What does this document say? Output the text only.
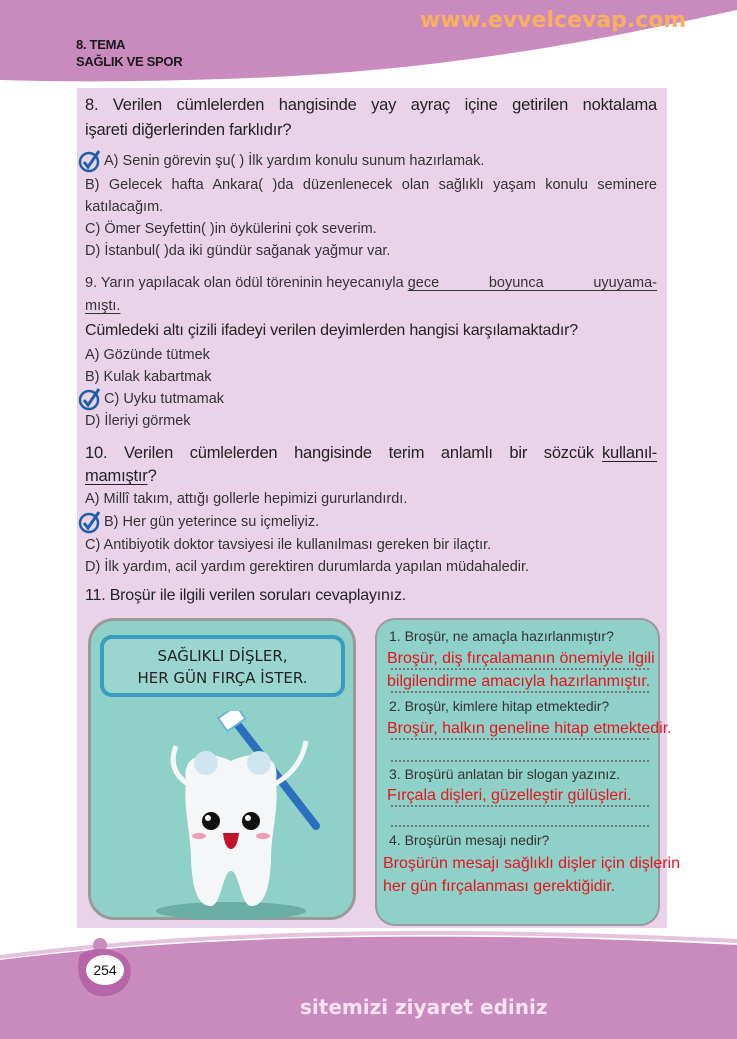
8. TEMA
SAĞLIK VE SPOR
www.evvelcevap.com
8. Verilen cümlelerden hangisinde yay ayraç içine getirilen noktalama
işareti diğerlerinden farklıdır?
A) Senin görevin şu( ) İlk yardım konulu sunum hazırlamak.
B) Gelecek hafta Ankara( )da düzenlenecek olan sağlıklı yaşam konulu seminere
katılacağım.
C) Ömer Seyfettin( )in öykülerini çok severim.
D) İstanbul( )da iki gündür sağanak yağmur var.
9. Yarın yapılacak olan ödül töreninin heyecanıyla gece boyunca uyuyama-
mıştı.
Cümledeki altı çizili ifadeyi verilen deyimlerden hangisi karşılamaktadır?
A) Gözünde tütmek
B) Kulak kabartmak
C) Uyku tutmamak
D) İleriyi görmek
10. Verilen cümlelerden hangisinde terim anlamlı bir sözcük kullanıl-
mamıştır?
A) Millî takım, attığı gollerle hepimizi gururlandırdı.
B) Her gün yeterince su içmeliyiz.
C) Antibiyotik doktor tavsiyesi ile kullanılması gereken bir ilaçtır.
D) İlk yardım, acil yardım gerektiren durumlarda yapılan müdahaledir.
11. Broşür ile ilgili verilen soruları cevaplayınız.
SAĞLIKLI DİŞLER,
HER GÜN FIRÇA İSTER.
1. Broşür, ne amaçla hazırlanmıştır?
Broşür, diş fırçalamanın önemiyle ilgili
bilgilendirme amacıyla hazırlanmıştır.
2. Broşür, kimlere hitap etmektedir?
Broşür, halkın geneline hitap etmektedir.
3. Broşürü anlatan bir slogan yazınız.
Fırçala dişleri, güzelleştir gülüşleri.
4. Broşürün mesajı nedir?
Broşürün mesajı sağlıklı dişler için dişlerin
her gün fırçalanması gerektiğidir.
254
sitemizi ziyaret ediniz
